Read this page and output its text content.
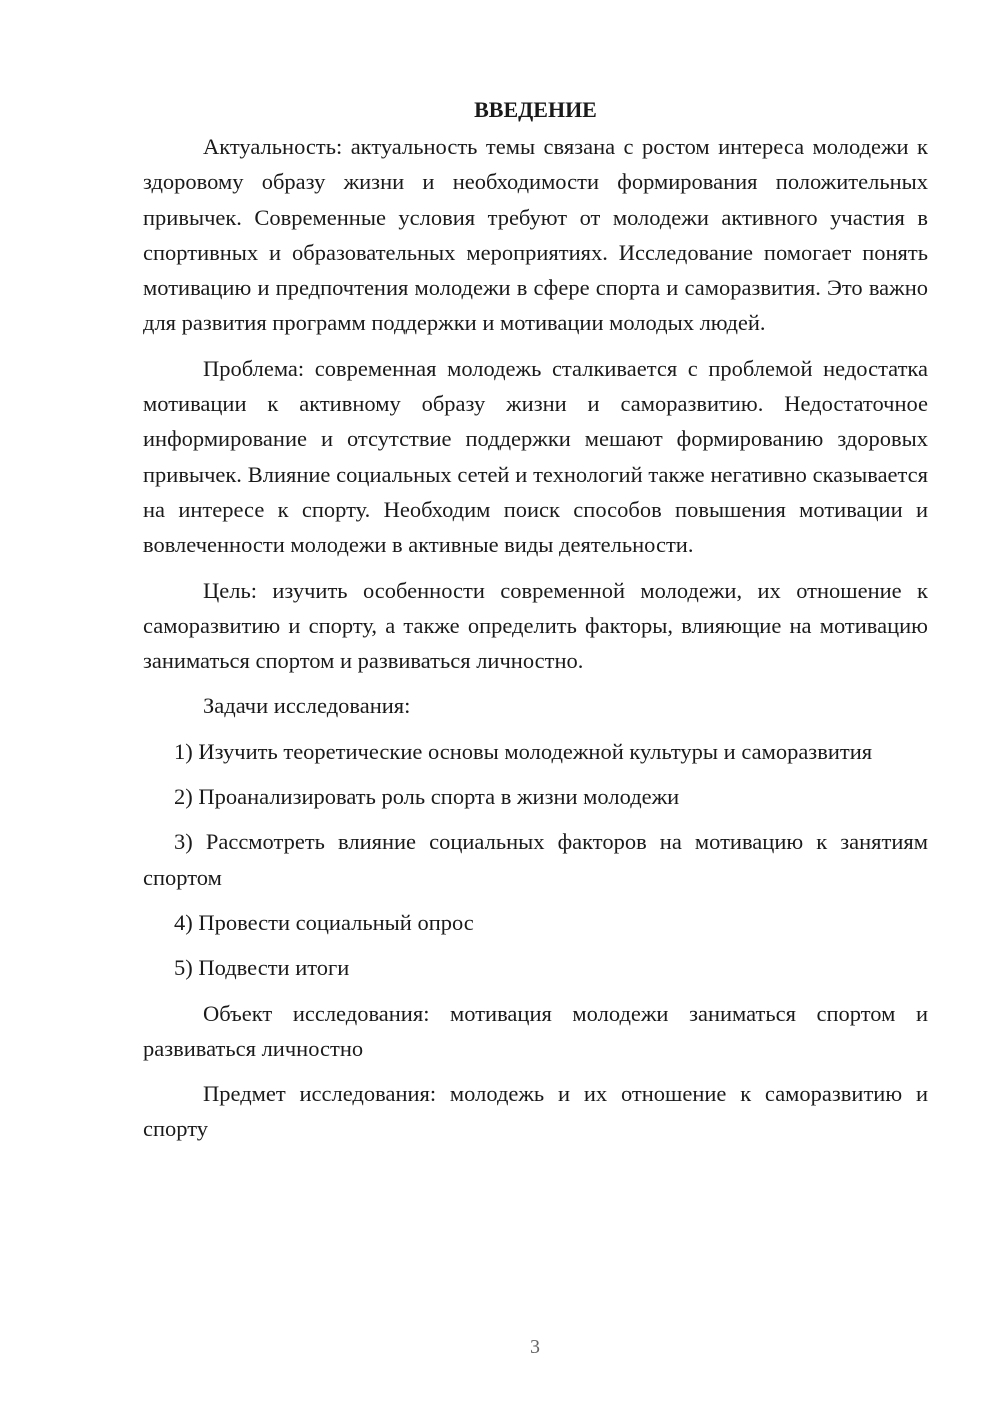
ВВЕДЕНИЕ

Актуальность: актуальность темы связана с ростом интереса молодежи к здоровому образу жизни и необходимости формирования положительных привычек. Современные условия требуют от молодежи активного участия в спортивных и образовательных мероприятиях. Исследование помогает понять мотивацию и предпочтения молодежи в сфере спорта и саморазвития. Это важно для развития программ поддержки и мотивации молодых людей.

Проблема: современная молодежь сталкивается с проблемой недостатка мотивации к активному образу жизни и саморазвитию. Недостаточное информирование и отсутствие поддержки мешают формированию здоровых привычек. Влияние социальных сетей и технологий также негативно сказывается на интересе к спорту. Необходим поиск способов повышения мотивации и вовлеченности молодежи в активные виды деятельности.

Цель: изучить особенности современной молодежи, их отношение к саморазвитию и спорту, а также определить факторы, влияющие на мотивацию заниматься спортом и развиваться личностно.

Задачи исследования:

1) Изучить теоретические основы молодежной культуры и саморазвития

2) Проанализировать роль спорта в жизни молодежи

3) Рассмотреть влияние социальных факторов на мотивацию к занятиям спортом

4) Провести социальный опрос

5) Подвести итоги

Объект исследования: мотивация молодежи заниматься спортом и развиваться личностно

Предмет исследования: молодежь и их отношение к саморазвитию и спорту

3
